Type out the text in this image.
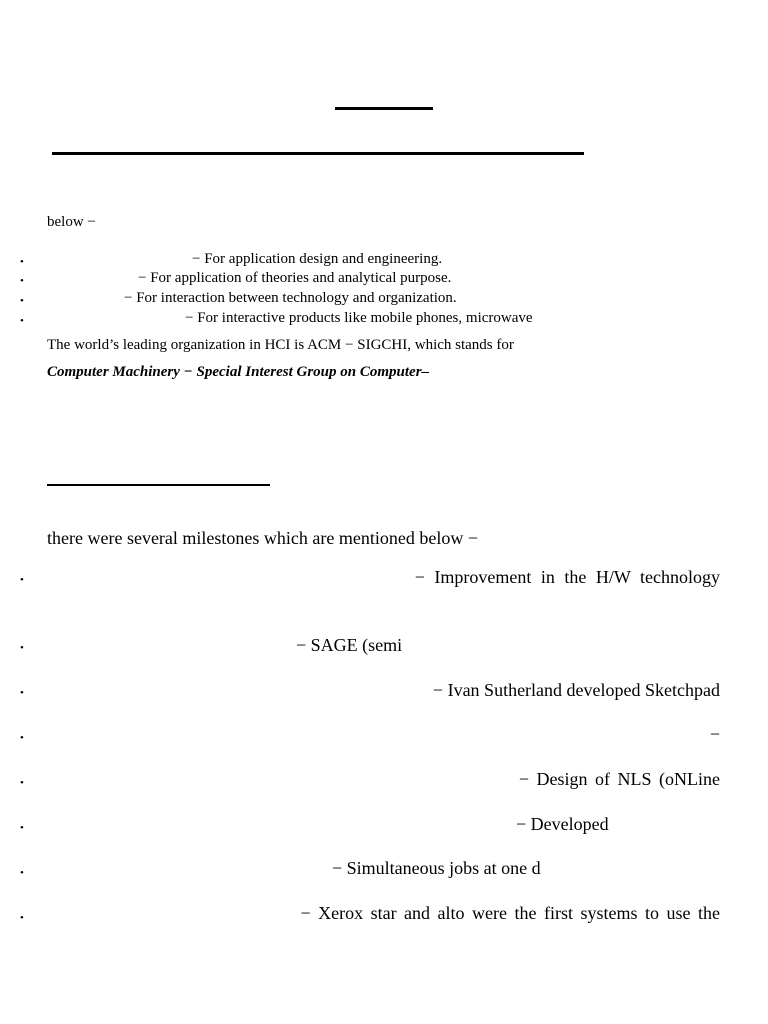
below −
•	− For application design and engineering.
•	− For application of theories and analytical purpose.
•	− For interaction between technology and organization.
•	− For interactive products like mobile phones, microwave
The world’s leading organization in HCI is ACM − SIGCHI, which stands for
Computer Machinery − Special Interest Group on Computer–
there were several milestones which are mentioned below −
•	− Improvement in the H/W technology
•	− SAGE (semi
•	− Ivan Sutherland developed Sketchpad
•	−
•	− Design of NLS (oNLine
•	− Developed
•	− Simultaneous jobs at one d
•	− Xerox star and alto were the first systems to use the
